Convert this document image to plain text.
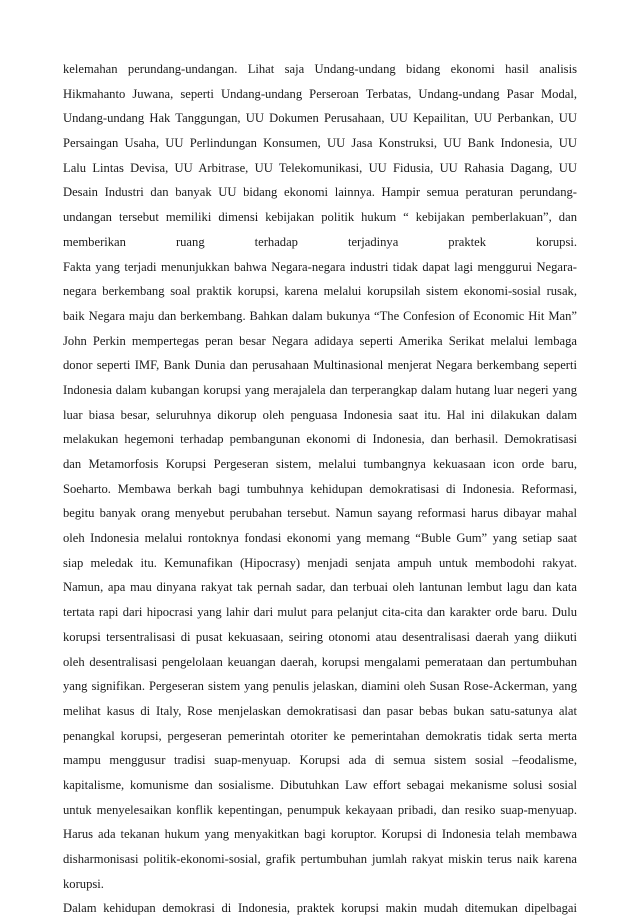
kelemahan perundang-undangan. Lihat saja Undang-undang bidang ekonomi hasil analisis
Hikmahanto Juwana, seperti Undang-undang Perseroan Terbatas, Undang-undang Pasar Modal,
Undang-undang Hak Tanggungan, UU Dokumen Perusahaan, UU Kepailitan, UU Perbankan, UU
Persaingan Usaha, UU Perlindungan Konsumen, UU Jasa Konstruksi, UU Bank Indonesia, UU
Lalu Lintas Devisa, UU Arbitrase, UU Telekomunikasi, UU Fidusia, UU Rahasia Dagang, UU
Desain Industri dan banyak UU bidang ekonomi lainnya. Hampir semua peraturan perundang-
undangan tersebut memiliki dimensi kebijakan politik hukum “ kebijakan pemberlakuan”, dan
memberikan ruang terhadap terjadinya praktek korupsi.
Fakta yang terjadi menunjukkan bahwa Negara-negara industri tidak dapat lagi menggurui Negara-
negara berkembang soal praktik korupsi, karena melalui korupsilah sistem ekonomi-sosial rusak,
baik Negara maju dan berkembang. Bahkan dalam bukunya “The Confesion of Economic Hit Man”
John Perkin mempertegas peran besar Negara adidaya seperti Amerika Serikat melalui lembaga
donor seperti IMF, Bank Dunia dan perusahaan Multinasional menjerat Negara berkembang seperti
Indonesia dalam kubangan korupsi yang merajalela dan terperangkap dalam hutang luar negeri yang
luar biasa besar, seluruhnya dikorup oleh penguasa Indonesia saat itu. Hal ini dilakukan dalam
melakukan hegemoni terhadap pembangunan ekonomi di Indonesia, dan berhasil. Demokratisasi
dan Metamorfosis Korupsi Pergeseran sistem, melalui tumbangnya kekuasaan icon orde baru,
Soeharto. Membawa berkah bagi tumbuhnya kehidupan demokratisasi di Indonesia. Reformasi,
begitu banyak orang menyebut perubahan tersebut. Namun sayang reformasi harus dibayar mahal
oleh Indonesia melalui rontoknya fondasi ekonomi yang memang “Buble Gum” yang setiap saat
siap meledak itu. Kemunafikan (Hipocrasy) menjadi senjata ampuh untuk membodohi rakyat.
Namun, apa mau dinyana rakyat tak pernah sadar, dan terbuai oleh lantunan lembut lagu dan kata
tertata rapi dari hipocrasi yang lahir dari mulut para pelanjut cita-cita dan karakter orde baru. Dulu
korupsi tersentralisasi di pusat kekuasaan, seiring otonomi atau desentralisasi daerah yang diikuti
oleh desentralisasi pengelolaan keuangan daerah, korupsi mengalami pemerataan dan pertumbuhan
yang signifikan. Pergeseran sistem yang penulis jelaskan, diamini oleh Susan Rose-Ackerman, yang
melihat kasus di Italy, Rose menjelaskan demokratisasi dan pasar bebas bukan satu-satunya alat
penangkal korupsi, pergeseran pemerintah otoriter ke pemerintahan demokratis tidak serta merta
mampu menggusur tradisi suap-menyuap. Korupsi ada di semua sistem sosial –feodalisme,
kapitalisme, komunisme dan sosialisme. Dibutuhkan Law effort sebagai mekanisme solusi sosial
untuk menyelesaikan konflik kepentingan, penumpuk kekayaan pribadi, dan resiko suap-menyuap.
Harus ada tekanan hukum yang menyakitkan bagi koruptor. Korupsi di Indonesia telah membawa
disharmonisasi politik-ekonomi-sosial, grafik pertumbuhan jumlah rakyat miskin terus naik karena
korupsi.
Dalam kehidupan demokrasi di Indonesia, praktek korupsi makin mudah ditemukan dipelbagai
